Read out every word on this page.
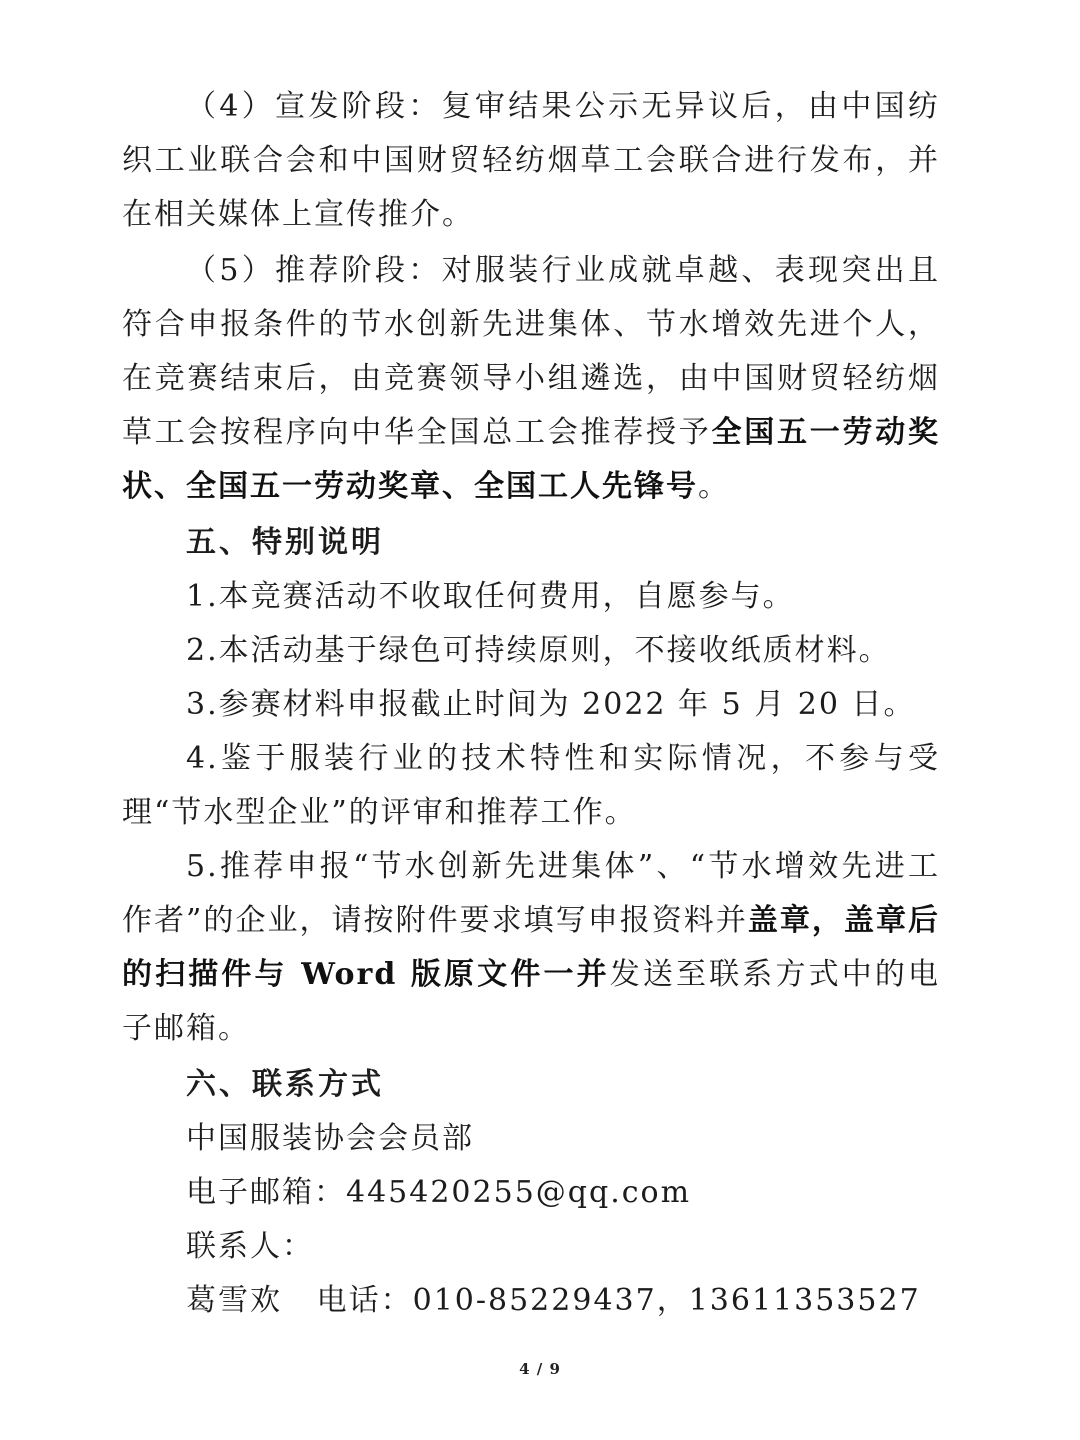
（4）宣发阶段：复审结果公示无异议后，由中国纺织工业联合会和中国财贸轻纺烟草工会联合进行发布，并在相关媒体上宣传推介。

（5）推荐阶段：对服装行业成就卓越、表现突出且符合申报条件的节水创新先进集体、节水增效先进个人，在竞赛结束后，由竞赛领导小组遴选，由中国财贸轻纺烟草工会按程序向中华全国总工会推荐授予全国五一劳动奖状、全国五一劳动奖章、全国工人先锋号。

五、特别说明

1.本竞赛活动不收取任何费用，自愿参与。

2.本活动基于绿色可持续原则，不接收纸质材料。

3.参赛材料申报截止时间为 2022 年 5 月 20 日。

4.鉴于服装行业的技术特性和实际情况，不参与受理“节水型企业”的评审和推荐工作。

5.推荐申报“节水创新先进集体”、“节水增效先进工作者”的企业，请按附件要求填写申报资料并盖章，盖章后的扫描件与 Word 版原文件一并发送至联系方式中的电子邮箱。

六、联系方式

中国服装协会会员部

电子邮箱：445420255@qq.com

联系人：

葛雪欢   电话：010-85229437，13611353527

4 / 9
